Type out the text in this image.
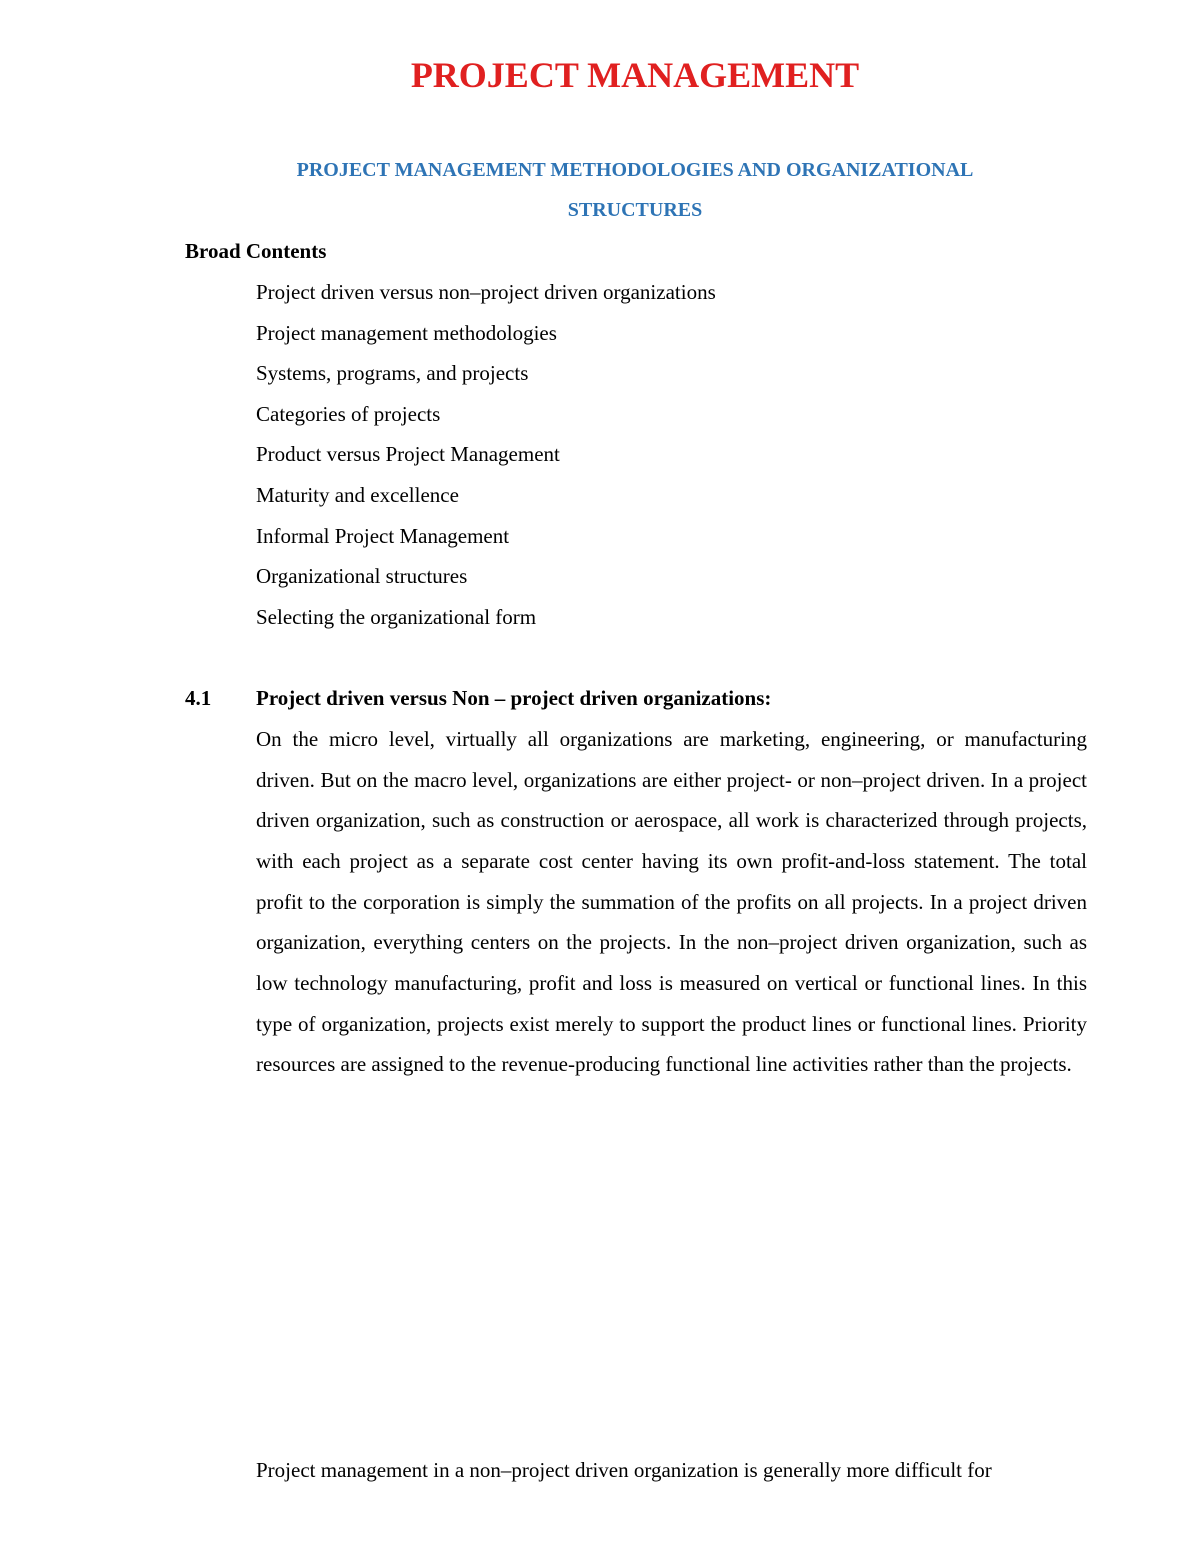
PROJECT MANAGEMENT
PROJECT MANAGEMENT METHODOLOGIES AND ORGANIZATIONAL
STRUCTURES
Broad Contents
Project driven versus non–project driven organizations
Project management methodologies
Systems, programs, and projects
Categories of projects
Product versus Project Management
Maturity and excellence
Informal Project Management
Organizational structures
Selecting the organizational form
4.1 Project driven versus Non – project driven organizations:

On the micro level, virtually all organizations are marketing, engineering, or manufacturing driven. But on the macro level, organizations are either project- or non–project driven. In a project driven organization, such as construction or aerospace, all work is characterized through projects, with each project as a separate cost center having its own profit-and-loss statement. The total profit to the corporation is simply the summation of the profits on all projects. In a project driven organization, everything centers on the projects. In the non–project driven organization, such as low technology manufacturing, profit and loss is measured on vertical or functional lines. In this type of organization, projects exist merely to support the product lines or functional lines. Priority resources are assigned to the revenue-producing functional line activities rather than the projects.

Project management in a non–project driven organization is generally more difficult for
